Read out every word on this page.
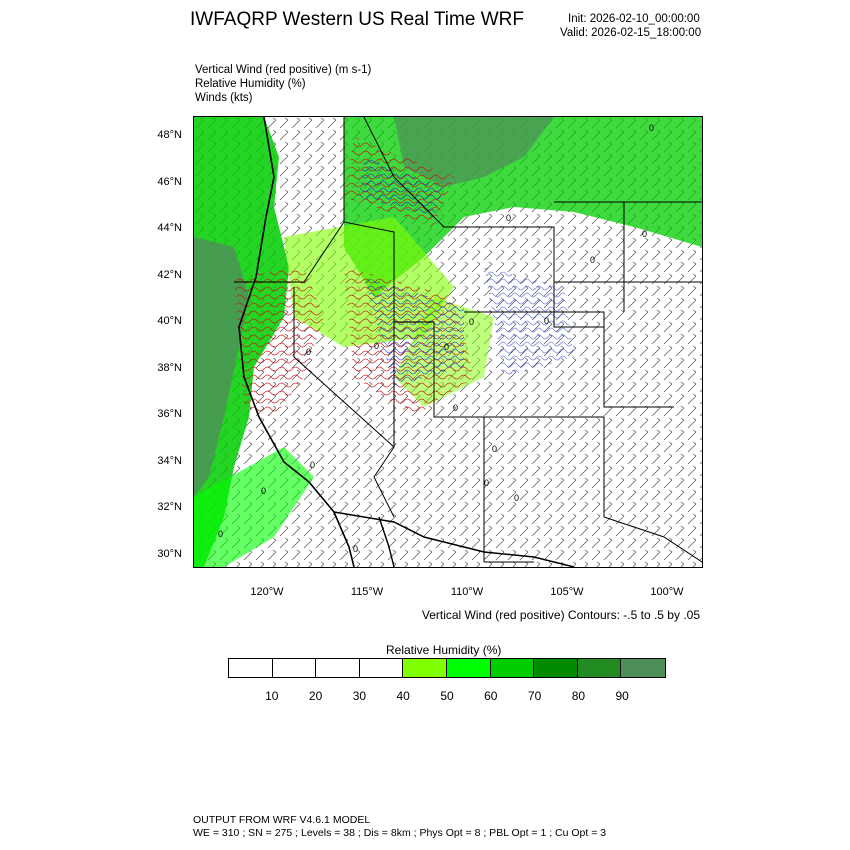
IWFAQRP Western US Real Time WRF	Init: 2026-02-10_00:00:00
Valid: 2026-02-15_18:00:00
Vertical Wind (red positive) (m s-1)
Relative Humidity (%)
Winds (kts)
0
0
0
0
0
0
0
0	0
0
0
0
0
0
0
0
0
48°N
46°N
44°N
42°N
40°N
38°N
36°N
34°N
32°N
30°N
120°W	115°W	110°W	105°W	100°W
Vertical Wind (red positive) Contours: -.5 to .5 by .05
Relative Humidity (%)
10	20	30	40	50	60	70	80	90
OUTPUT FROM WRF V4.6.1 MODEL
WE = 310 ; SN = 275 ; Levels = 38 ; Dis = 8km ; Phys Opt = 8 ; PBL Opt = 1 ; Cu Opt = 3
